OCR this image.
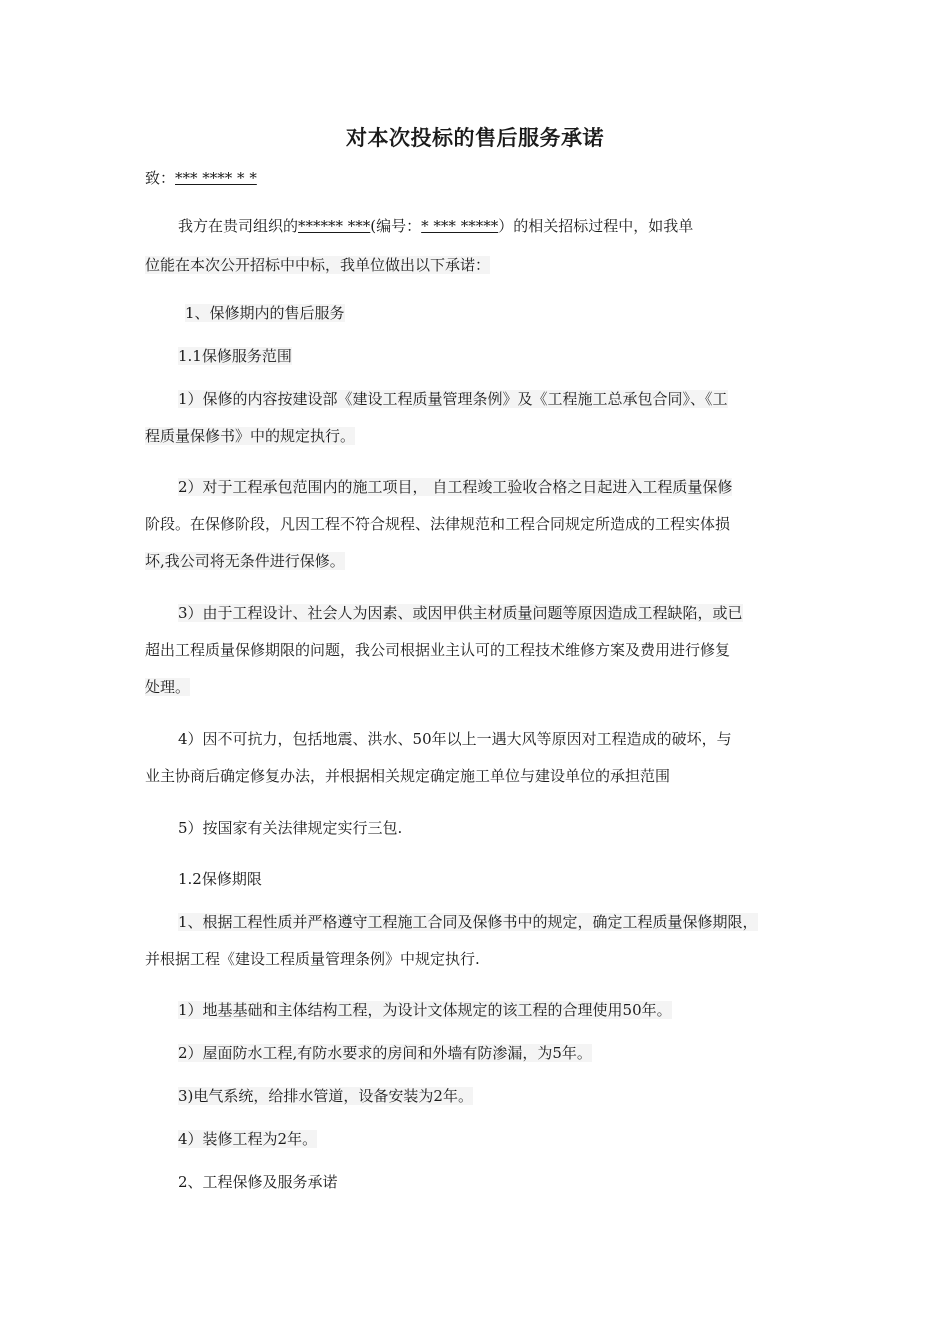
对本次投标的售后服务承诺
致：*** **** * *
我方在贵司组织的****** ***(编号：* *** *****）的相关招标过程中，如我单
位能在本次公开招标中中标，我单位做出以下承诺：
1、保修期内的售后服务
1.1保修服务范围
1）保修的内容按建设部《建设工程质量管理条例》及《工程施工总承包合同》、《工
程质量保修书》中的规定执行。
2）对于工程承包范围内的施工项目， 自工程竣工验收合格之日起进入工程质量保修
阶段。在保修阶段，凡因工程不符合规程、法律规范和工程合同规定所造成的工程实体损
坏,我公司将无条件进行保修。
3）由于工程设计、社会人为因素、或因甲供主材质量问题等原因造成工程缺陷，或已
超出工程质量保修期限的问题，我公司根据业主认可的工程技术维修方案及费用进行修复
处理。
4）因不可抗力，包括地震、洪水、50年以上一遇大风等原因对工程造成的破坏，与
业主协商后确定修复办法，并根据相关规定确定施工单位与建设单位的承担范围
5）按国家有关法律规定实行三包.
1.2保修期限
1、根据工程性质并严格遵守工程施工合同及保修书中的规定，确定工程质量保修期限，
并根据工程《建设工程质量管理条例》中规定执行.
1）地基基础和主体结构工程，为设计文体规定的该工程的合理使用50年。
2）屋面防水工程,有防水要求的房间和外墙有防渗漏，为5年。
3)电气系统，给排水管道，设备安装为2年。
4）装修工程为2年。
2、工程保修及服务承诺
